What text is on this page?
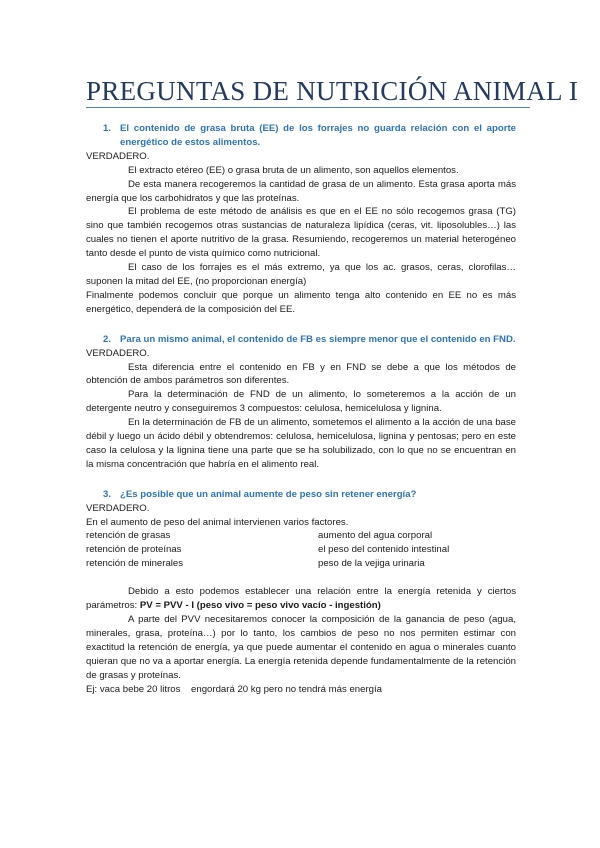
PREGUNTAS DE NUTRICIÓN ANIMAL I
1. El contenido de grasa bruta (EE) de los forrajes no guarda relación con el aporte energético de estos alimentos.

VERDADERO.

El extracto etéreo (EE) o grasa bruta de un alimento, son aquellos elementos.

De esta manera recogeremos la cantidad de grasa de un alimento. Esta grasa aporta más energía que los carbohidratos y que las proteínas.

El problema de este método de análisis es que en el EE no sólo recogemos grasa (TG) sino que también recogemos otras sustancias de naturaleza lipídica (ceras, vit. liposolubles…) las cuales no tienen el aporte nutritivo de la grasa. Resumiendo, recogeremos un material heterogéneo tanto desde el punto de vista químico como nutricional.

El caso de los forrajes es el más extremo, ya que los ac. grasos, ceras, clorofilas… suponen la mitad del EE, (no proporcionan energía)

Finalmente podemos concluir que porque un alimento tenga alto contenido en EE no es más energético, dependerá de la composición del EE.

2. Para un mismo animal, el contenido de FB es siempre menor que el contenido en FND.

VERDADERO.

Esta diferencia entre el contenido en FB y en FND se debe a que los métodos de obtención de ambos parámetros son diferentes.

Para la determinación de FND de un alimento, lo someteremos a la acción de un detergente neutro y conseguiremos 3 compuestos: celulosa, hemicelulosa y lignina.

En la determinación de FB de un alimento, sometemos el alimento a la acción de una base débil y luego un ácido débil y obtendremos: celulosa, hemicelulosa, lignina y pentosas; pero en este caso la celulosa y la lignina tiene una parte que se ha solubilizado, con lo que no se encuentran en la misma concentración que habría en el alimento real.

3. ¿Es posible que un animal aumente de peso sin retener energía?

VERDADERO.

En el aumento de peso del animal intervienen varios factores.

retención de grasas	aumento del agua corporal
retención de proteínas	el peso del contenido intestinal
retención de minerales	peso de la vejiga urinaria

Debido a esto podemos establecer una relación entre la energía retenida y ciertos parámetros: PV = PVV - I (peso vivo = peso vivo vacío - ingestión)

A parte del PVV necesitaremos conocer la composición de la ganancia de peso (agua, minerales, grasa, proteína…) por lo tanto, los cambios de peso no nos permiten estimar con exactitud la retención de energía, ya que puede aumentar el contenido en agua o minerales cuanto quieran que no va a aportar energía. La energía retenida depende fundamentalmente de la retención de grasas y proteínas.

Ej: vaca bebe 20 litros    engordará 20 kg pero no tendrá más energía
